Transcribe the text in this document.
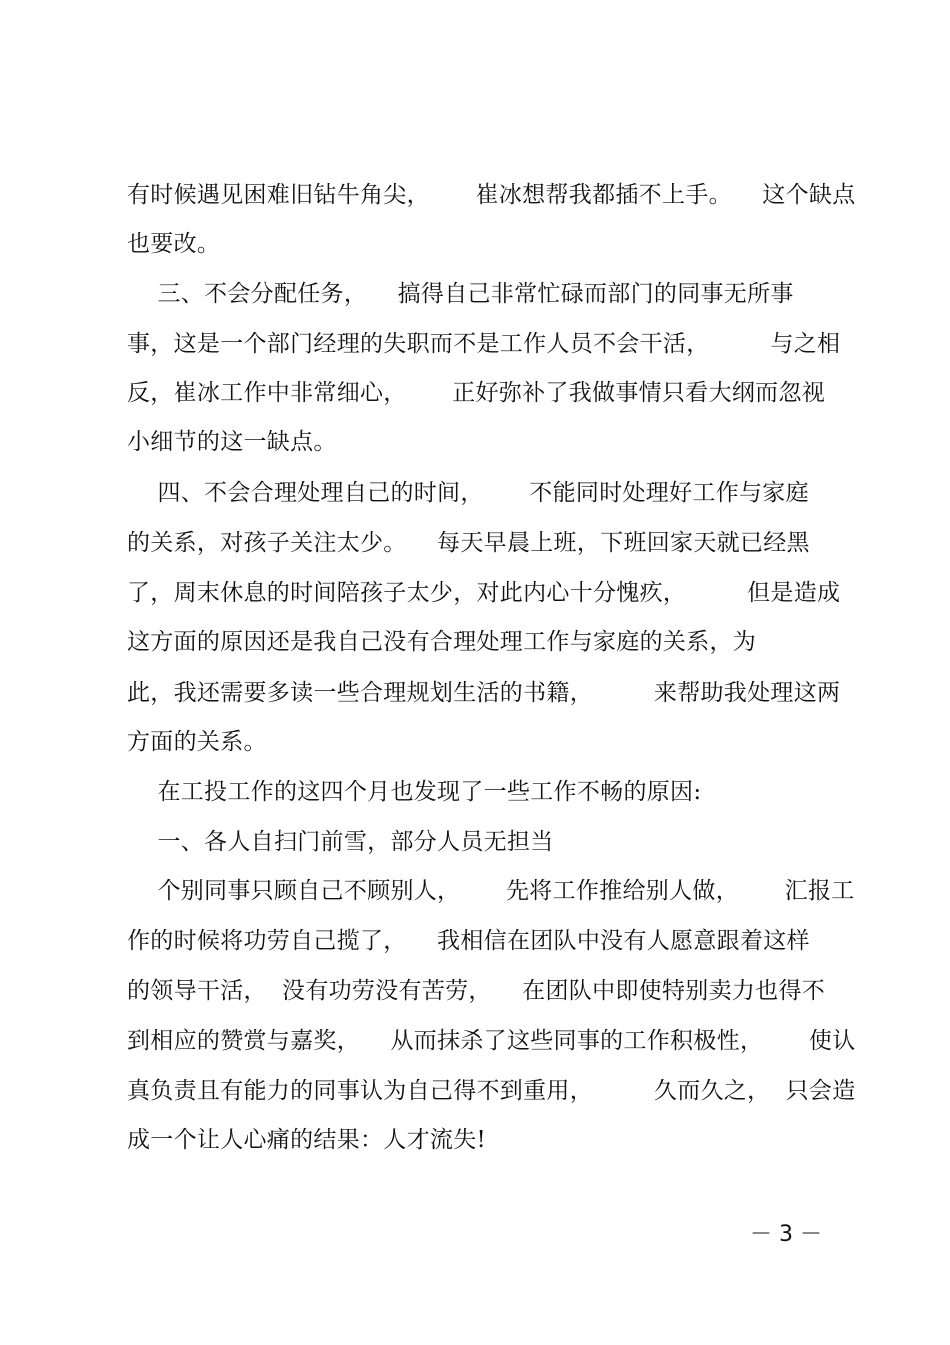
有时候遇见困难旧钻牛角尖，      崔冰想帮我都插不上手。    这个缺点
也要改。
三、不会分配任务，    搞得自己非常忙碌而部门的同事无所事
事，这是一个部门经理的失职而不是工作人员不会干活，        与之相
反，崔冰工作中非常细心，      正好弥补了我做事情只看大纲而忽视
小细节的这一缺点。
四、不会合理处理自己的时间，      不能同时处理好工作与家庭
的关系，对孩子关注太少。    每天早晨上班，下班回家天就已经黑
了，周末休息的时间陪孩子太少，对此内心十分愧疚，        但是造成
这方面的原因还是我自己没有合理处理工作与家庭的关系，为
此，我还需要多读一些合理规划生活的书籍，        来帮助我处理这两
方面的关系。
在工投工作的这四个月也发现了一些工作不畅的原因:
一、各人自扫门前雪，部分人员无担当
个别同事只顾自己不顾别人，      先将工作推给别人做，      汇报工
作的时候将功劳自己揽了，    我相信在团队中没有人愿意跟着这样
的领导干活，  没有功劳没有苦劳，    在团队中即使特别卖力也得不
到相应的赞赏与嘉奖，    从而抹杀了这些同事的工作积极性，      使认
真负责且有能力的同事认为自己得不到重用，        久而久之，  只会造
成一个让人心痛的结果：人才流失!
－ 3 －
